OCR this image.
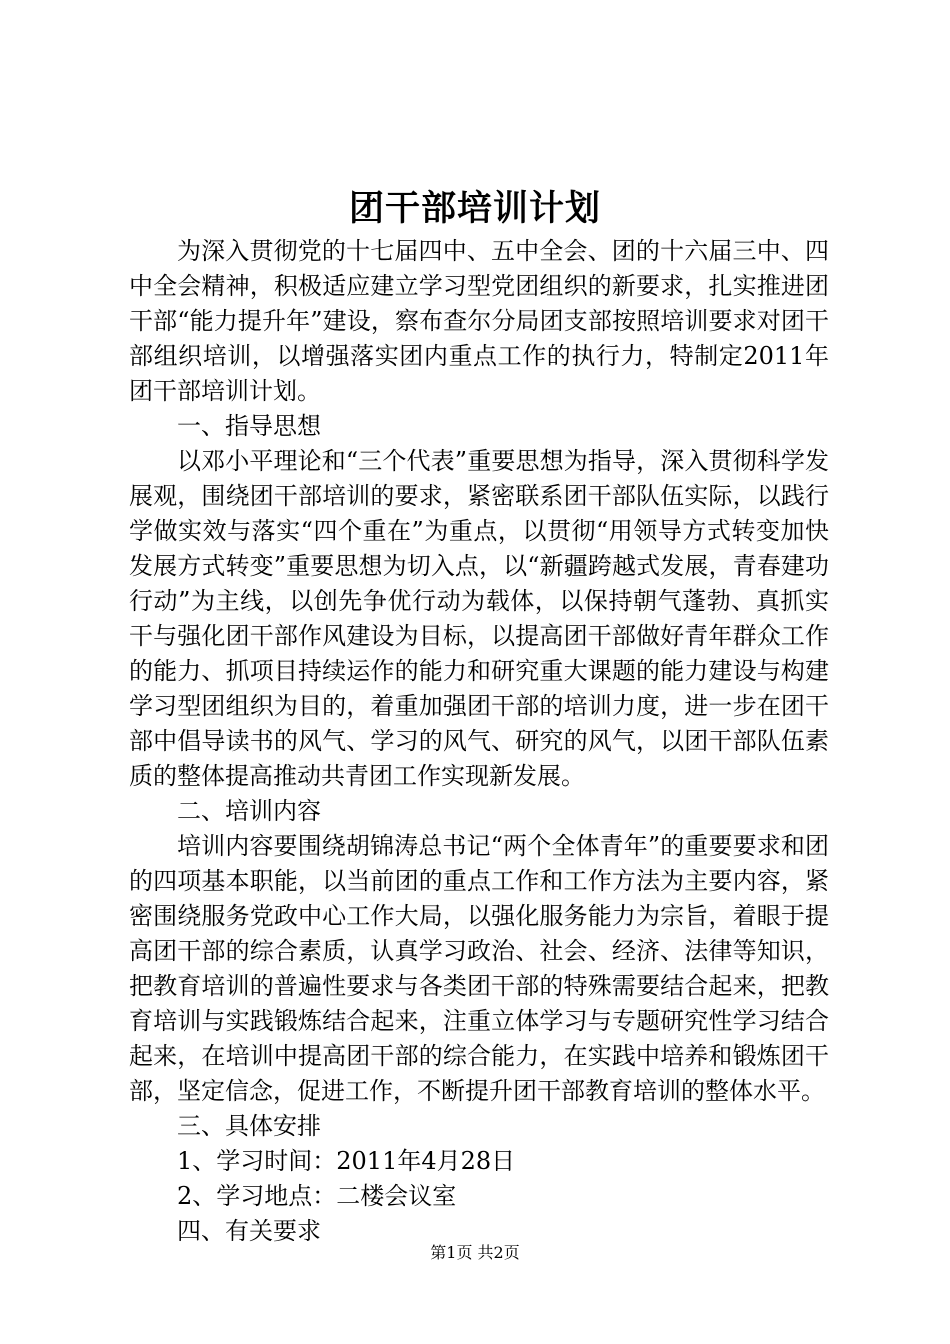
团干部培训计划

为深入贯彻党的十七届四中、五中全会、团的十六届三中、四中全会精神，积极适应建立学习型党团组织的新要求，扎实推进团干部“能力提升年”建设，察布查尔分局团支部按照培训要求对团干部组织培训，以增强落实团内重点工作的执行力，特制定2011年团干部培训计划。

一、指导思想

以邓小平理论和“三个代表”重要思想为指导，深入贯彻科学发展观，围绕团干部培训的要求，紧密联系团干部队伍实际，以践行学做实效与落实“四个重在”为重点，以贯彻“用领导方式转变加快发展方式转变”重要思想为切入点，以“新疆跨越式发展，青春建功行动”为主线，以创先争优行动为载体，以保持朝气蓬勃、真抓实干与强化团干部作风建设为目标，以提高团干部做好青年群众工作的能力、抓项目持续运作的能力和研究重大课题的能力建设与构建学习型团组织为目的，着重加强团干部的培训力度，进一步在团干部中倡导读书的风气、学习的风气、研究的风气，以团干部队伍素质的整体提高推动共青团工作实现新发展。

二、培训内容

培训内容要围绕胡锦涛总书记“两个全体青年”的重要要求和团的四项基本职能，以当前团的重点工作和工作方法为主要内容，紧密围绕服务党政中心工作大局，以强化服务能力为宗旨，着眼于提高团干部的综合素质，认真学习政治、社会、经济、法律等知识，把教育培训的普遍性要求与各类团干部的特殊需要结合起来，把教育培训与实践锻炼结合起来，注重立体学习与专题研究性学习结合起来，在培训中提高团干部的综合能力，在实践中培养和锻炼团干部，坚定信念，促进工作，不断提升团干部教育培训的整体水平。

三、具体安排

1、学习时间：2011年4月28日

2、学习地点：二楼会议室

四、有关要求

第1页 共2页
